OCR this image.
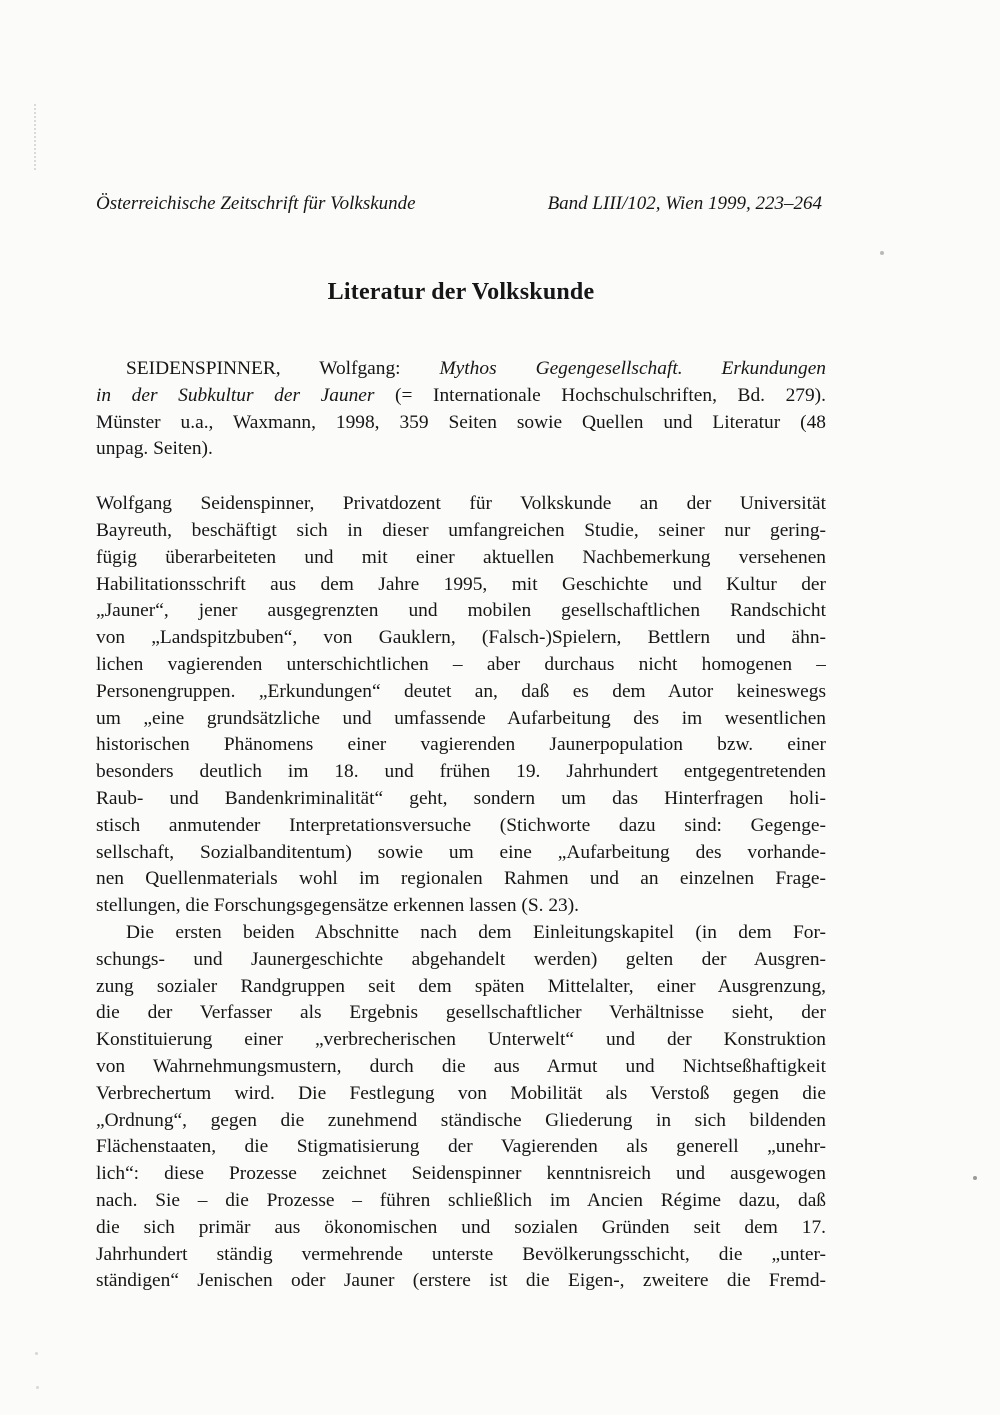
Österreichische Zeitschrift für Volkskunde	Band LIII/102, Wien 1999, 223–264
Literatur der Volkskunde
SEIDENSPINNER, Wolfgang: Mythos Gegengesellschaft. Erkundungen
in der Subkultur der Jauner (= Internationale Hochschulschriften, Bd. 279).
Münster u.a., Waxmann, 1998, 359 Seiten sowie Quellen und Literatur (48
unpag. Seiten).
Wolfgang Seidenspinner, Privatdozent für Volkskunde an der Universität
Bayreuth, beschäftigt sich in dieser umfangreichen Studie, seiner nur gering-
fügig überarbeiteten und mit einer aktuellen Nachbemerkung versehenen
Habilitationsschrift aus dem Jahre 1995, mit Geschichte und Kultur der
„Jauner“, jener ausgegrenzten und mobilen gesellschaftlichen Randschicht
von „Landspitzbuben“, von Gauklern, (Falsch-)Spielern, Bettlern und ähn-
lichen vagierenden unterschichtlichen – aber durchaus nicht homogenen –
Personengruppen. „Erkundungen“ deutet an, daß es dem Autor keineswegs
um „eine grundsätzliche und umfassende Aufarbeitung des im wesentlichen
historischen Phänomens einer vagierenden Jaunerpopulation bzw. einer
besonders deutlich im 18. und frühen 19. Jahrhundert entgegentretenden
Raub- und Bandenkriminalität“ geht, sondern um das Hinterfragen holi-
stisch anmutender Interpretationsversuche (Stichworte dazu sind: Gegenge-
sellschaft, Sozialbanditentum) sowie um eine „Aufarbeitung des vorhande-
nen Quellenmaterials wohl im regionalen Rahmen und an einzelnen Frage-
stellungen, die Forschungsgegensätze erkennen lassen (S. 23).
Die ersten beiden Abschnitte nach dem Einleitungskapitel (in dem For-
schungs- und Jaunergeschichte abgehandelt werden) gelten der Ausgren-
zung sozialer Randgruppen seit dem späten Mittelalter, einer Ausgrenzung,
die der Verfasser als Ergebnis gesellschaftlicher Verhältnisse sieht, der
Konstituierung einer „verbrecherischen Unterwelt“ und der Konstruktion
von Wahrnehmungsmustern, durch die aus Armut und Nichtseßhaftigkeit
Verbrechertum wird. Die Festlegung von Mobilität als Verstoß gegen die
„Ordnung“, gegen die zunehmend ständische Gliederung in sich bildenden
Flächenstaaten, die Stigmatisierung der Vagierenden als generell „unehr-
lich“: diese Prozesse zeichnet Seidenspinner kenntnisreich und ausgewogen
nach. Sie – die Prozesse – führen schließlich im Ancien Régime dazu, daß
die sich primär aus ökonomischen und sozialen Gründen seit dem 17.
Jahrhundert ständig vermehrende unterste Bevölkerungsschicht, die „unter-
ständigen“ Jenischen oder Jauner (erstere ist die Eigen-, zweitere die Fremd-
